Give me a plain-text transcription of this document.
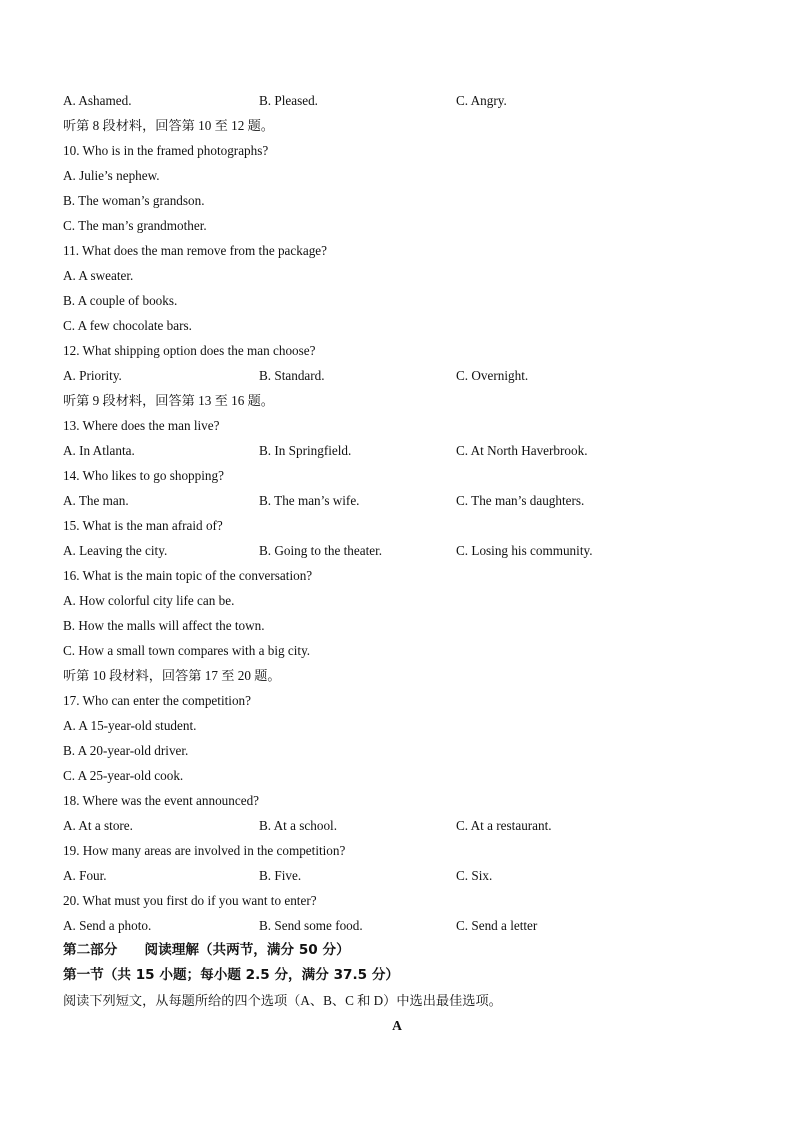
A. Ashamed.	B. Pleased.	C. Angry.
听第 8 段材料，回答第 10 至 12 题。
10. Who is in the framed photographs?
A. Julie’s nephew.
B. The woman’s grandson.
C. The man’s grandmother.
11. What does the man remove from the package?
A. A sweater.
B. A couple of books.
C. A few chocolate bars.
12. What shipping option does the man choose?
A. Priority.	B. Standard.	C. Overnight.
听第 9 段材料，回答第 13 至 16 题。
13. Where does the man live?
A. In Atlanta.	B. In Springfield.	C. At North Haverbrook.
14. Who likes to go shopping?
A. The man.	B. The man’s wife.	C. The man’s daughters.
15. What is the man afraid of?
A. Leaving the city.	B. Going to the theater.	C. Losing his community.
16. What is the main topic of the conversation?
A. How colorful city life can be.
B. How the malls will affect the town.
C. How a small town compares with a big city.
听第 10 段材料，回答第 17 至 20 题。
17. Who can enter the competition?
A. A 15-year-old student.
B. A 20-year-old driver.
C. A 25-year-old cook.
18. Where was the event announced?
A. At a store.	B. At a school.	C. At a restaurant.
19. How many areas are involved in the competition?
A. Four.	B. Five.	C. Six.
20. What must you first do if you want to enter?
A. Send a photo.	B. Send some food.	C. Send a letter
第二部分　　阅读理解（共两节，满分 50 分）
第一节（共 15 小题；每小题 2.5 分，满分 37.5 分）
阅读下列短文，从每题所给的四个选项（A、B、C 和 D）中选出最佳选项。
A
